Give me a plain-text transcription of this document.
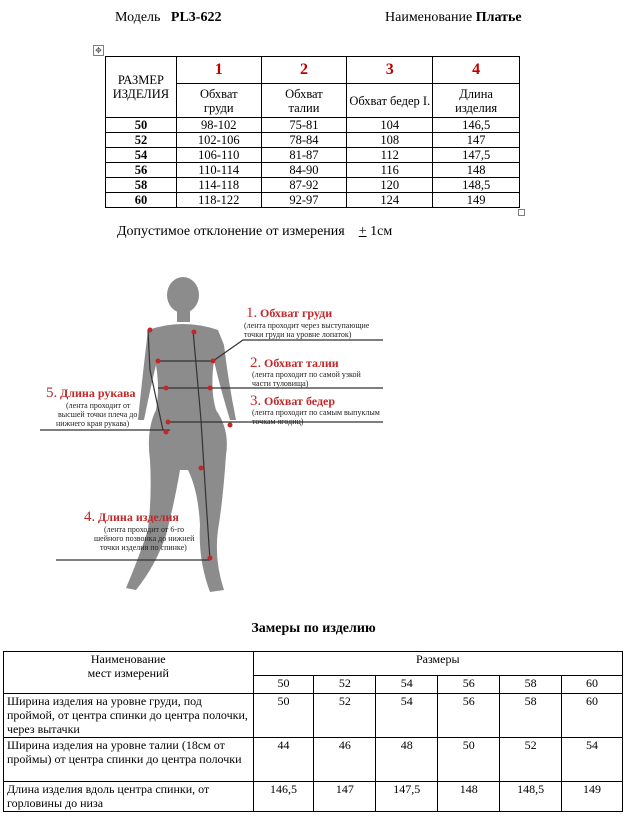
Модель PL3-622	Наименование Платье
✥
РАЗМЕР ИЗДЕЛИЯ	1	2	3	4

	Обхват груди	Обхват талии	Обхват бедер I.	Длина изделия

50	98-102	75-81	104	146,5
52	102-106	78-84	108	147
54	106-110	81-87	112	147,5
56	110-114	84-90	116	148
58	114-118	87-92	120	148,5
60	118-122	92-97	124	149
Допустимое отклонение от измерения + 1см
1. Обхват груди
(лента проходит через выступающие
точки груди на уровне лопаток)
2. Обхват талии
(лента проходит по самой узкой
части туловища)
3. Обхват бедер
(лента проходит по самым выпуклым
точкам ягодиц)
5. Длина рукава
(лента проходит от
высшей точки плеча до
нижнего края рукава)
4. Длина изделия
(лента проходит от 6-го
шейного позвонка до нижней
точки изделия по спинке)
Замеры по изделию
Наименование
мест измерений	Размеры					
	50	52	54	56	58	60
Ширина изделия на уровне груди, под проймой, от центра спинки до центра полочки, через вытачки	50	52	54	56	58	60
Ширина изделия на уровне талии (18см от проймы) от центра спинки до центра полочки	44	46	48	50	52	54
Длина изделия вдоль центра спинки, от горловины до низа	146,5	147	147,5	148	148,5	149
